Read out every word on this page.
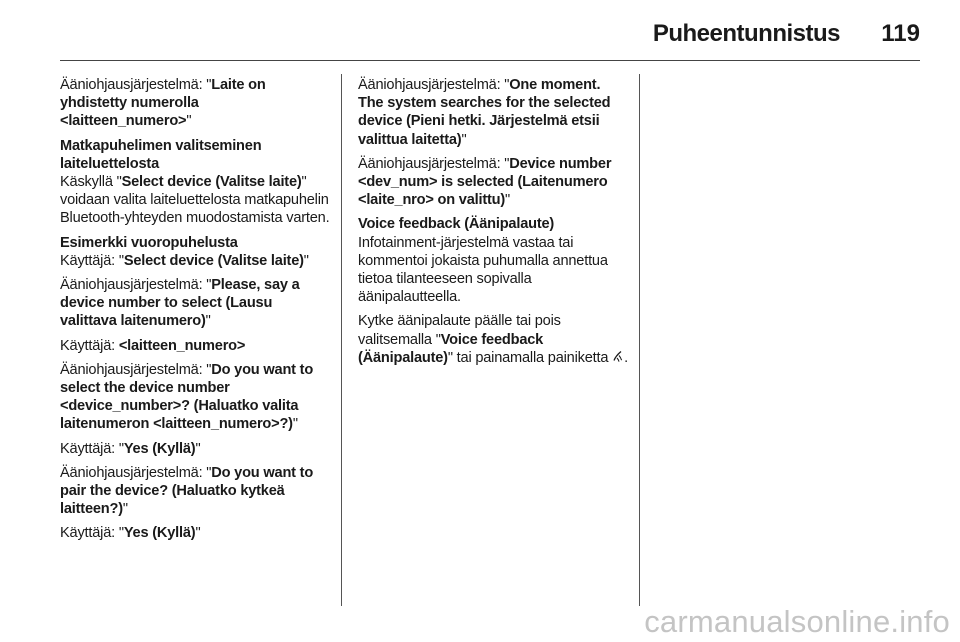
Puheentunnistus 119

Ääniohjausjärjestelmä: "Laite on yhdistetty numerolla <laitteen_numero>"

Matkapuhelimen valitseminen laiteluettelosta

Käskyllä "Select device (Valitse laite)" voidaan valita laiteluettelosta matkapuhelin Bluetooth-yhteyden muodostamista varten.

Esimerkki vuoropuhelusta

Käyttäjä: "Select device (Valitse laite)"

Ääniohjausjärjestelmä: "Please, say a device number to select (Lausu valittava laitenumero)"

Käyttäjä: <laitteen_numero>

Ääniohjausjärjestelmä: "Do you want to select the device number <device_number>? (Haluatko valita laitenumeron <laitteen_numero>?)"

Käyttäjä: "Yes (Kyllä)"

Ääniohjausjärjestelmä: "Do you want to pair the device? (Haluatko kytkeä laitteen?)"

Käyttäjä: "Yes (Kyllä)"

Ääniohjausjärjestelmä: "One moment. The system searches for the selected device (Pieni hetki. Järjestelmä etsii valittua laitetta)"

Ääniohjausjärjestelmä: "Device number <dev_num> is selected (Laitenumero <laite_nro> on valittu)"

Voice feedback (Äänipalaute)

Infotainment-järjestelmä vastaa tai kommentoi jokaista puhumalla annettua tietoa tilanteeseen sopivalla äänipalautteella.

Kytke äänipalaute päälle tai pois valitsemalla "Voice feedback (Äänipalaute)" tai painamalla painiketta .

carmanualsonline.info
